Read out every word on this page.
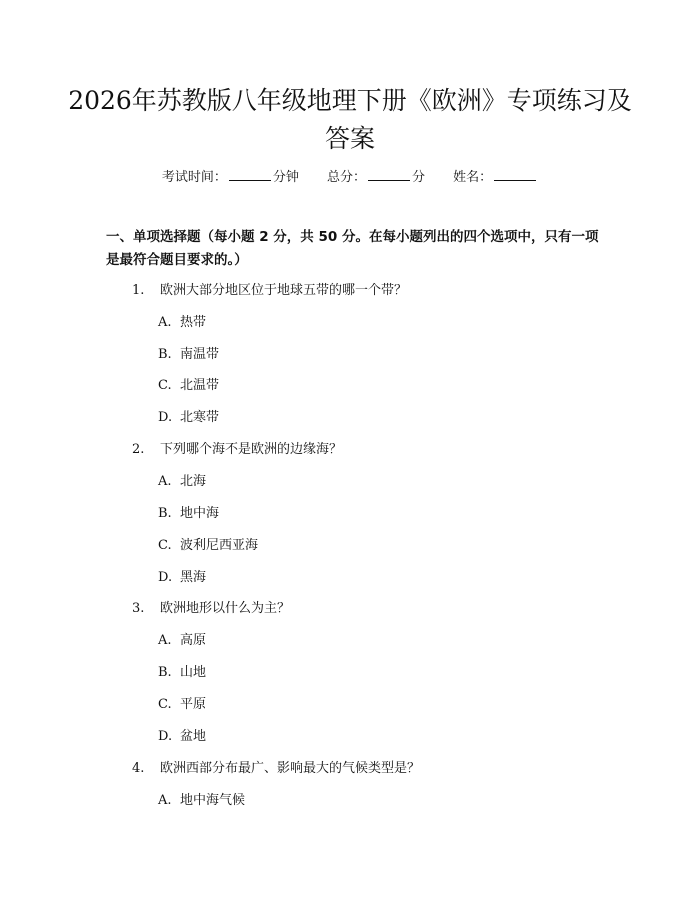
2026年苏教版八年级地理下册《欧洲》专项练习及答案
考试时间：	分钟 总分：	分 姓名：

一、单项选择题（每小题 2 分，共 50 分。在每小题列出的四个选项中，只有一项是最符合题目要求的。）

1. 欧洲大部分地区位于地球五带的哪一个带？
A. 热带
B. 南温带
C. 北温带
D. 北寒带
2. 下列哪个海不是欧洲的边缘海？
A. 北海
B. 地中海
C. 波利尼西亚海
D. 黑海
3. 欧洲地形以什么为主？
A. 高原
B. 山地
C. 平原
D. 盆地
4. 欧洲西部分布最广、影响最大的气候类型是？
A. 地中海气候
